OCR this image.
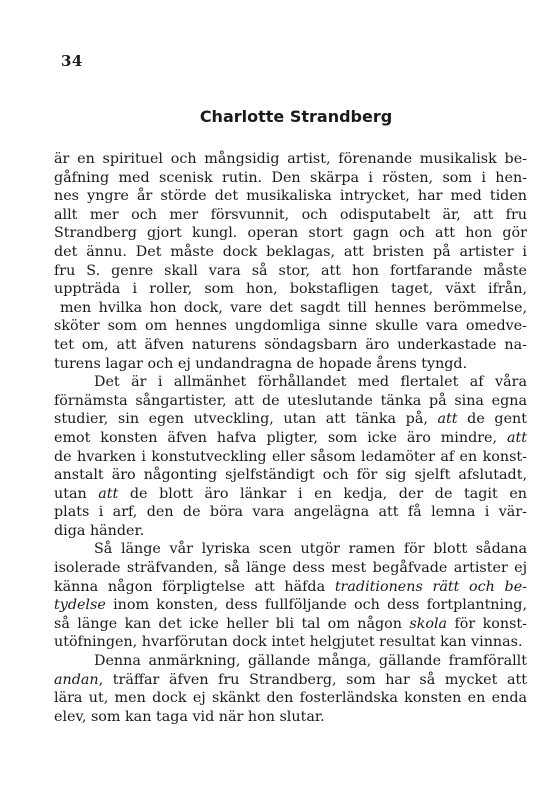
34
Charlotte Strandberg
är en spirituel och mångsidig artist, förenande musikalisk be-
gåfning med scenisk rutin. Den skärpa i rösten, som i hen-
nes yngre år störde det musikaliska intrycket, har med tiden
allt mer och mer försvunnit, och odisputabelt är, att fru
Strandberg gjort kungl. operan stort gagn och att hon gör
det ännu. Det måste dock beklagas, att bristen på artister i
fru S. genre skall vara så stor, att hon fortfarande måste
uppträda i roller, som hon, bokstafligen taget, växt ifrån,
men hvilka hon dock, vare det sagdt till hennes berömmelse,
sköter som om hennes ungdomliga sinne skulle vara omedve-
tet om, att äfven naturens söndagsbarn äro underkastade na-
turens lagar och ej undandragna de hopade årens tyngd.
Det är i allmänhet förhållandet med flertalet af våra
förnämsta sångartister, att de uteslutande tänka på sina egna
studier, sin egen utveckling, utan att tänka på, att de gent
emot konsten äfven hafva pligter, som icke äro mindre, att
de hvarken i konstutveckling eller såsom ledamöter af en konst-
anstalt äro någonting sjelfständigt och för sig sjelft afslutadt,
utan att de blott äro länkar i en kedja, der de tagit en
plats i arf, den de böra vara angelägna att få lemna i vär-
diga händer.
Så länge vår lyriska scen utgör ramen för blott sådana
isolerade sträfvanden, så länge dess mest begåfvade artister ej
känna någon förpligtelse att häfda traditionens rätt och be-
tydelse inom konsten, dess fullföljande och dess fortplantning,
så länge kan det icke heller bli tal om någon skola för konst-
utöfningen, hvarförutan dock intet helgjutet resultat kan vinnas.
Denna anmärkning, gällande många, gällande framförallt
andan, träffar äfven fru Strandberg, som har så mycket att
lära ut, men dock ej skänkt den fosterländska konsten en enda
elev, som kan taga vid när hon slutar.
